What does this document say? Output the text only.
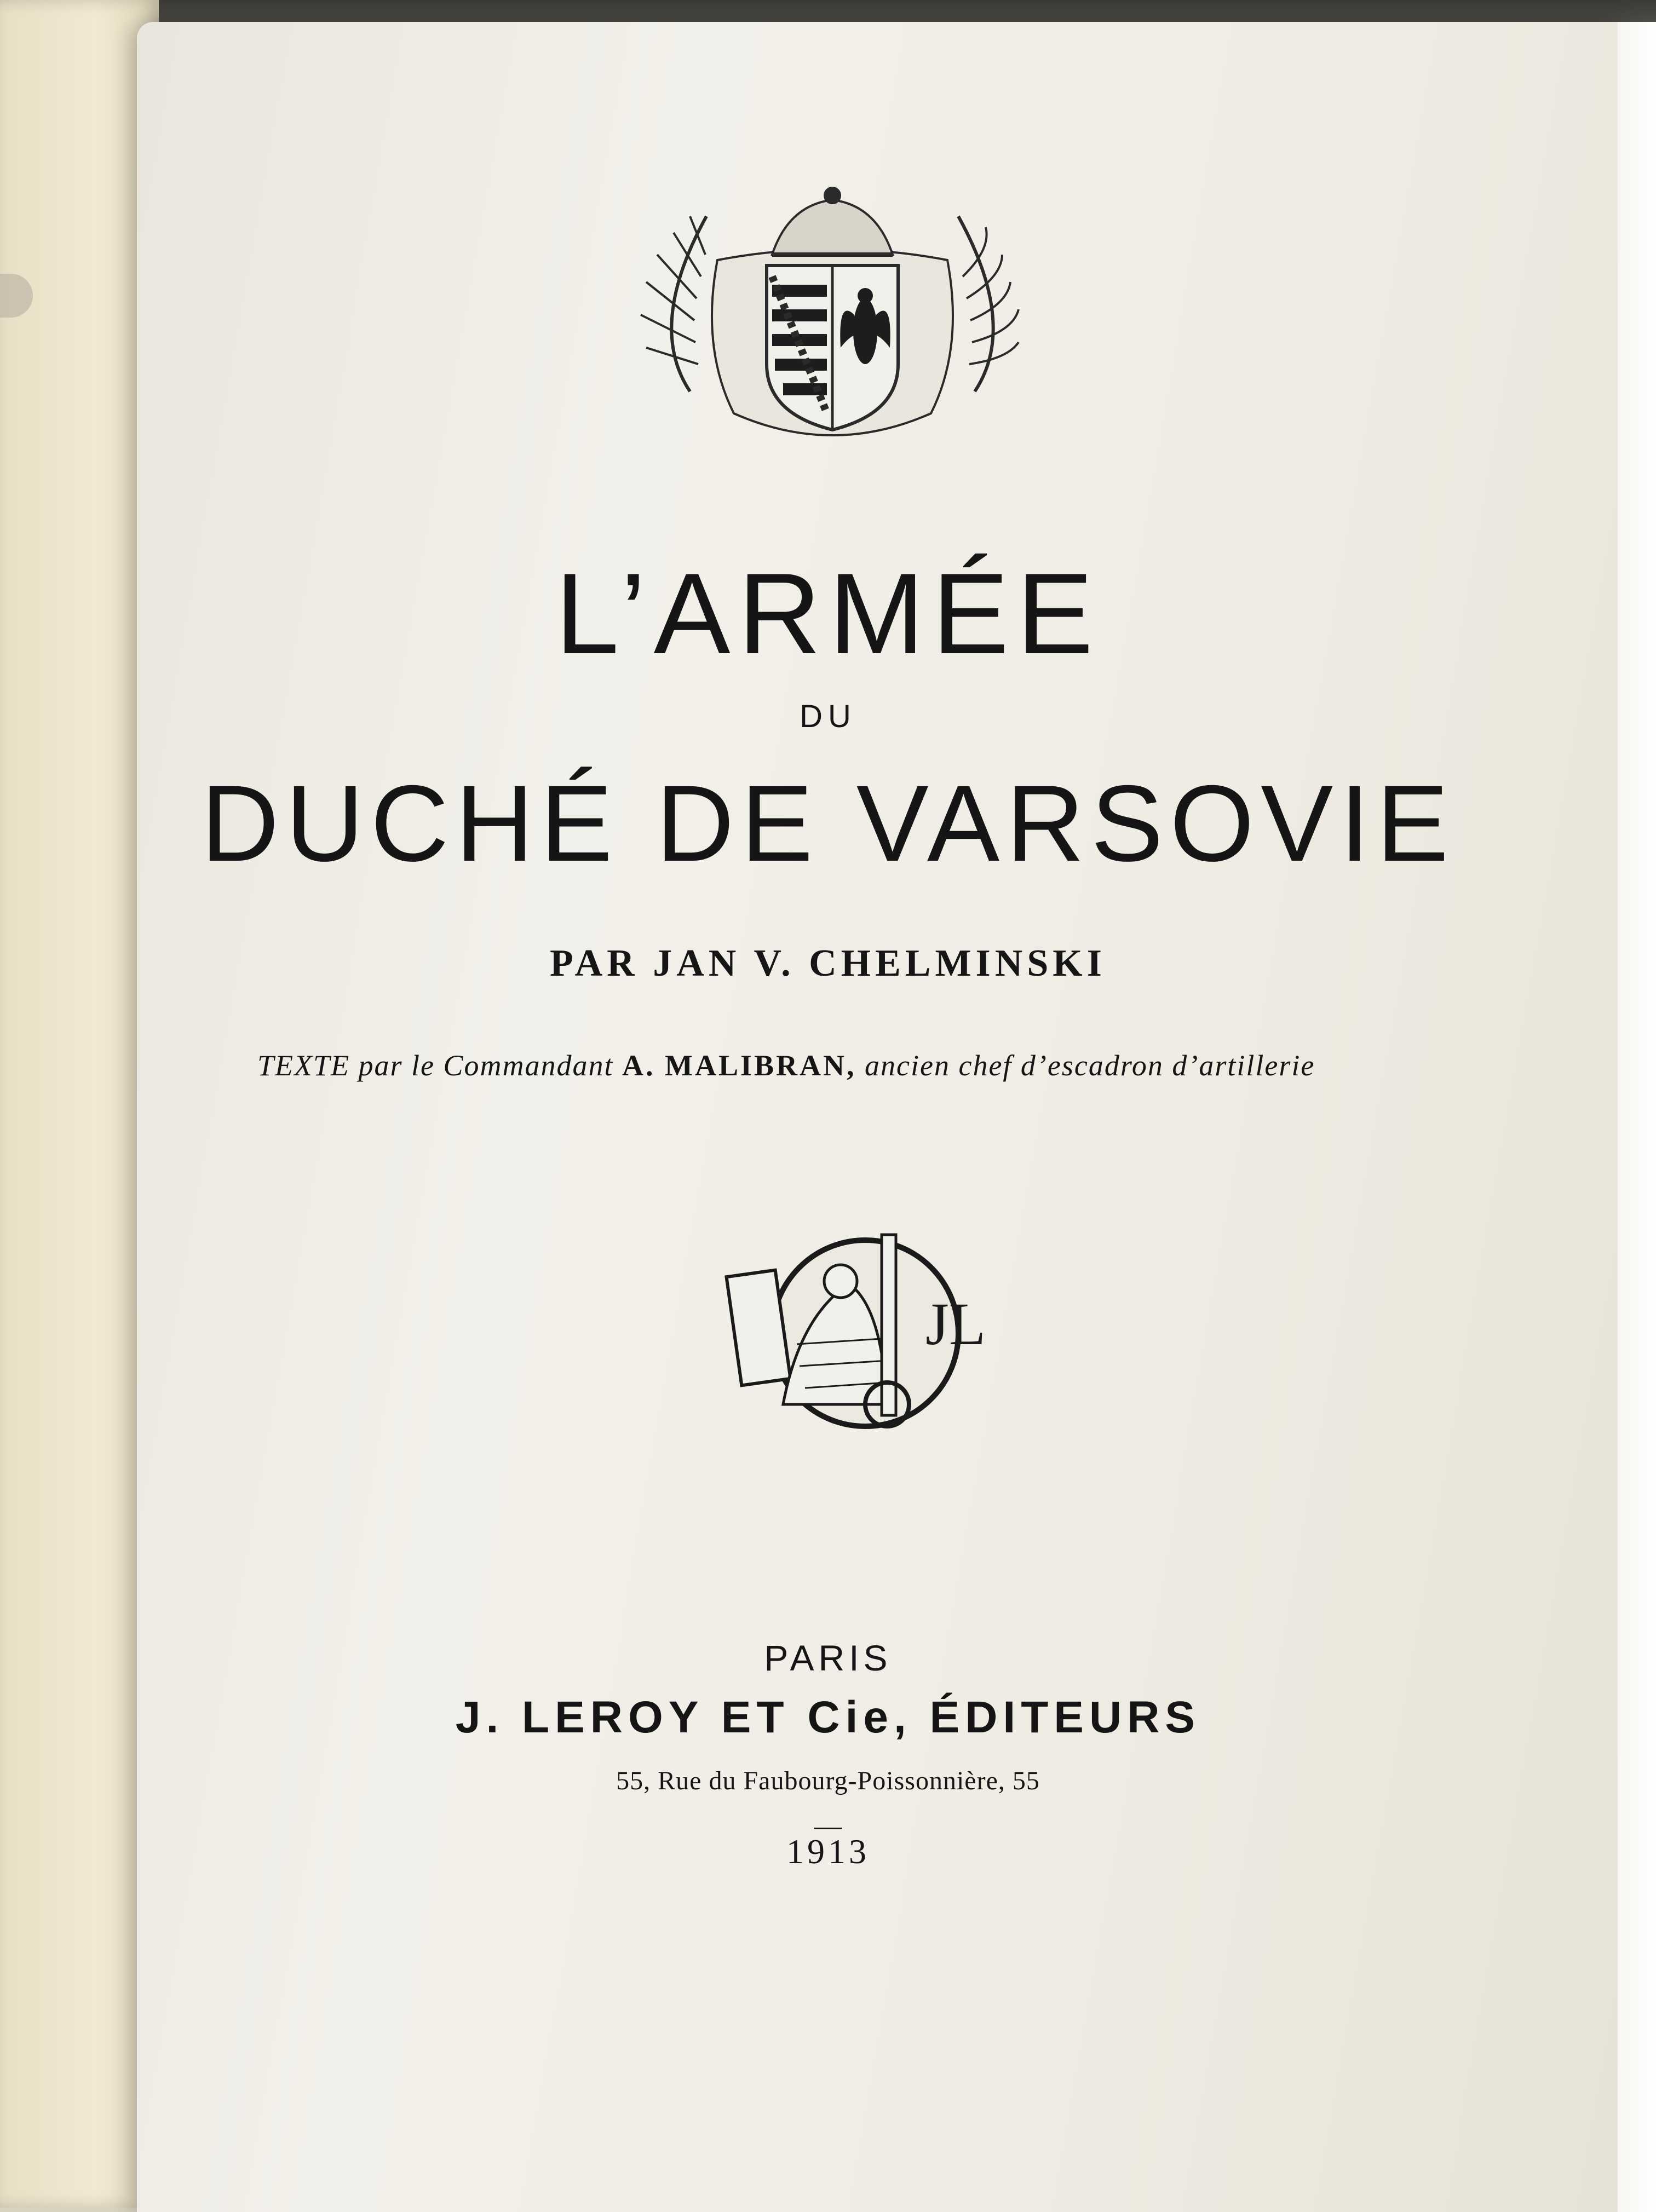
L’ARMÉE
DU
DUCHÉ DE VARSOVIE
PAR JAN V. CHELMINSKI
TEXTE par le Commandant A. MALIBRAN, ancien chef d’escadron d’artillerie
JL
PARIS
J. LEROY ET Cie, ÉDITEURS
55, Rue du Faubourg-Poissonnière, 55
—
1913
